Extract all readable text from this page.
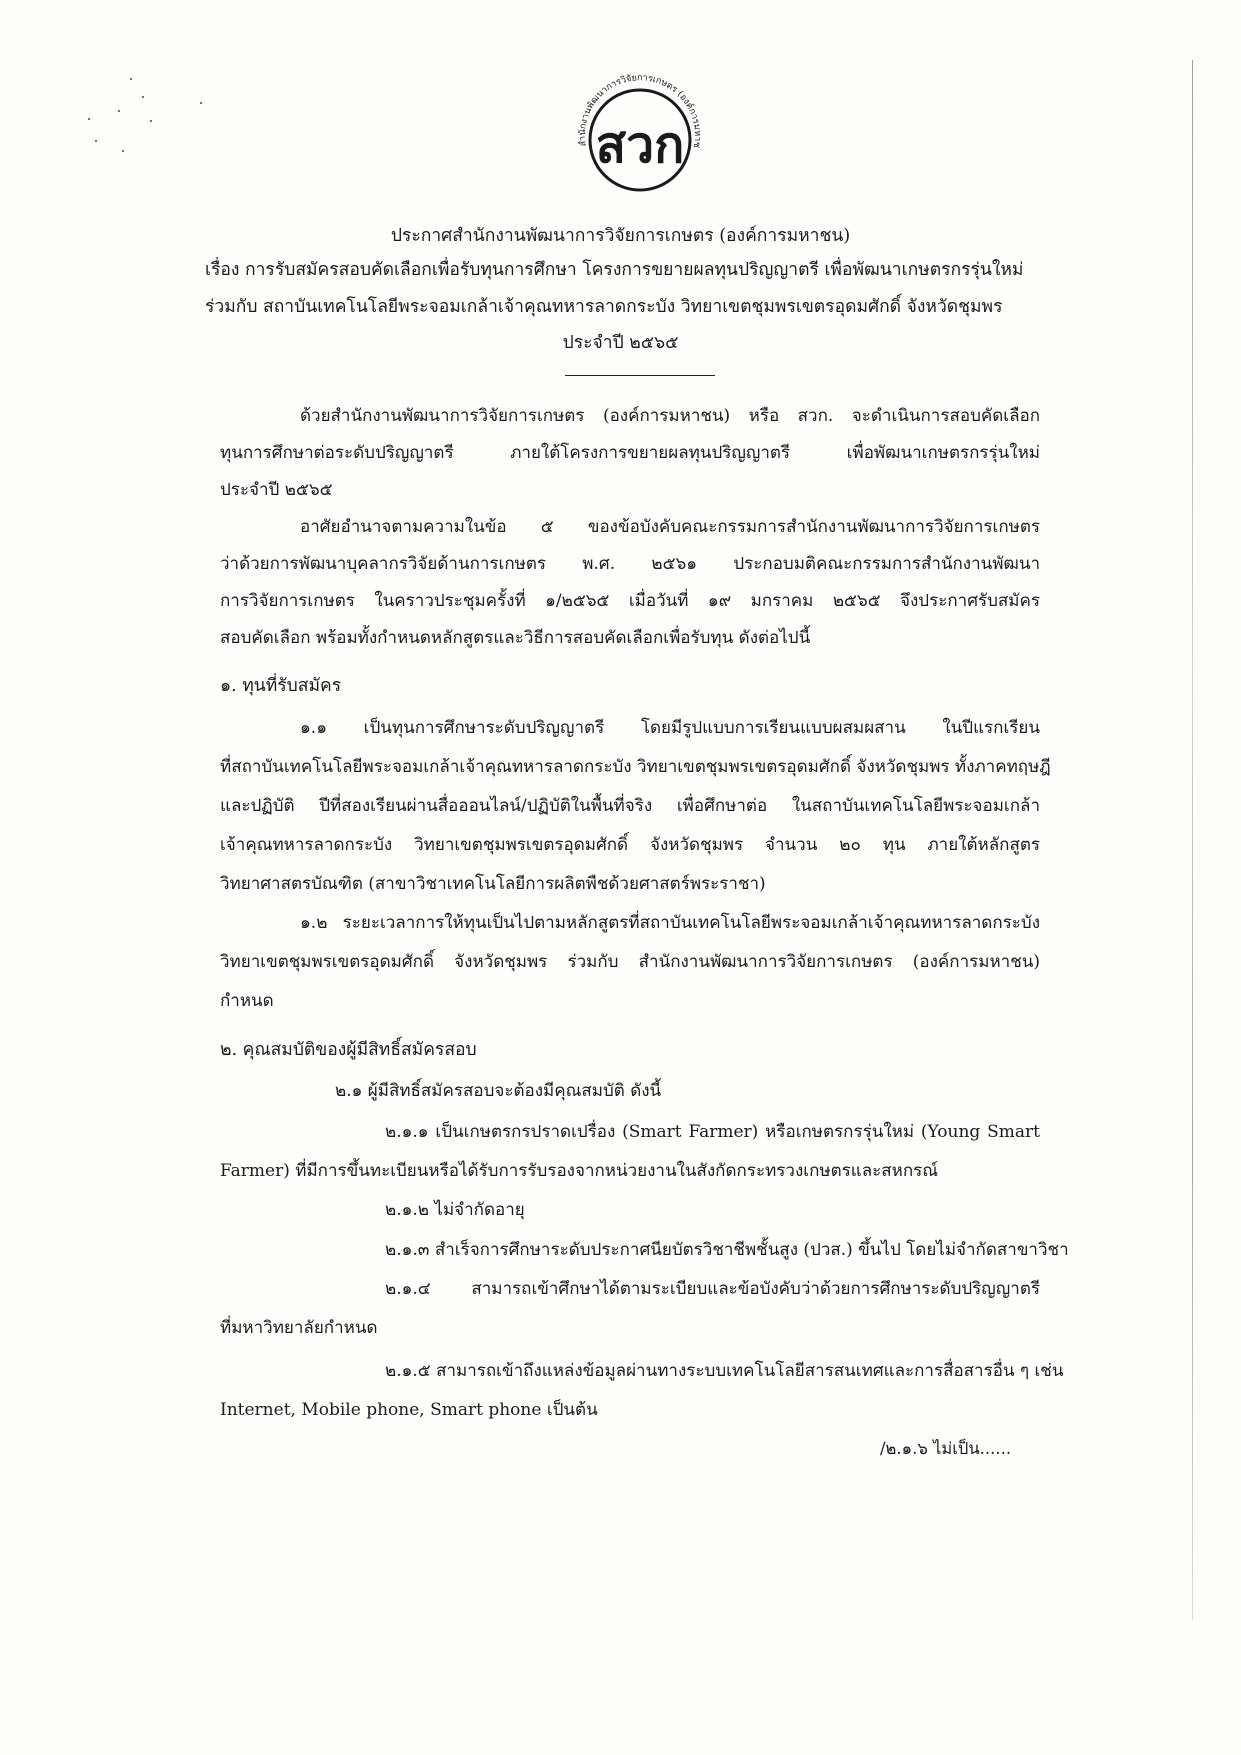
สำนักงานพัฒนาการวิจัยการเกษตร (องค์การมหาช
สวก
ประกาศสำนักงานพัฒนาการวิจัยการเกษตร (องค์การมหาชน)
เรื่อง การรับสมัครสอบคัดเลือกเพื่อรับทุนการศึกษา โครงการขยายผลทุนปริญญาตรี เพื่อพัฒนาเกษตรกรรุ่นใหม่
ร่วมกับ สถาบันเทคโนโลยีพระจอมเกล้าเจ้าคุณทหารลาดกระบัง วิทยาเขตชุมพรเขตรอุดมศักดิ์ จังหวัดชุมพร
ประจำปี ๒๕๖๕
ด้วยสำนักงานพัฒนาการวิจัยการเกษตร (องค์การมหาชน) หรือ สวก. จะดำเนินการสอบคัดเลือก
ทุนการศึกษาต่อระดับปริญญาตรี ภายใต้โครงการขยายผลทุนปริญญาตรี เพื่อพัฒนาเกษตรกรรุ่นใหม่
ประจำปี ๒๕๖๕
อาศัยอำนาจตามความในข้อ ๕ ของข้อบังคับคณะกรรมการสำนักงานพัฒนาการวิจัยการเกษตร
ว่าด้วยการพัฒนาบุคลากรวิจัยด้านการเกษตร พ.ศ. ๒๕๖๑ ประกอบมติคณะกรรมการสำนักงานพัฒนา
การวิจัยการเกษตร ในคราวประชุมครั้งที่ ๑/๒๕๖๕ เมื่อวันที่ ๑๙ มกราคม ๒๕๖๕ จึงประกาศรับสมัคร
สอบคัดเลือก พร้อมทั้งกำหนดหลักสูตรและวิธีการสอบคัดเลือกเพื่อรับทุน ดังต่อไปนี้
๑. ทุนที่รับสมัคร
๑.๑ เป็นทุนการศึกษาระดับปริญญาตรี โดยมีรูปแบบการเรียนแบบผสมผสาน ในปีแรกเรียน
ที่สถาบันเทคโนโลยีพระจอมเกล้าเจ้าคุณทหารลาดกระบัง วิทยาเขตชุมพรเขตรอุดมศักดิ์ จังหวัดชุมพร ทั้งภาคทฤษฎี
และปฏิบัติ ปีที่สองเรียนผ่านสื่อออนไลน์/ปฏิบัติในพื้นที่จริง เพื่อศึกษาต่อ ในสถาบันเทคโนโลยีพระจอมเกล้า
เจ้าคุณทหารลาดกระบัง วิทยาเขตชุมพรเขตรอุดมศักดิ์ จังหวัดชุมพร จำนวน ๒๐ ทุน ภายใต้หลักสูตร
วิทยาศาสตรบัณฑิต (สาขาวิชาเทคโนโลยีการผลิตพืชด้วยศาสตร์พระราชา)
๑.๒ ระยะเวลาการให้ทุนเป็นไปตามหลักสูตรที่สถาบันเทคโนโลยีพระจอมเกล้าเจ้าคุณทหารลาดกระบัง
วิทยาเขตชุมพรเขตรอุดมศักดิ์ จังหวัดชุมพร ร่วมกับ สำนักงานพัฒนาการวิจัยการเกษตร (องค์การมหาชน)
กำหนด
๒. คุณสมบัติของผู้มีสิทธิ์สมัครสอบ
๒.๑ ผู้มีสิทธิ์สมัครสอบจะต้องมีคุณสมบัติ ดังนี้
๒.๑.๑ เป็นเกษตรกรปราดเปรื่อง (Smart Farmer) หรือเกษตรกรรุ่นใหม่ (Young Smart
Farmer) ที่มีการขึ้นทะเบียนหรือได้รับการรับรองจากหน่วยงานในสังกัดกระทรวงเกษตรและสหกรณ์
๒.๑.๒ ไม่จำกัดอายุ
๒.๑.๓ สำเร็จการศึกษาระดับประกาศนียบัตรวิชาชีพชั้นสูง (ปวส.) ขึ้นไป โดยไม่จำกัดสาขาวิชา
๒.๑.๔ สามารถเข้าศึกษาได้ตามระเบียบและข้อบังคับว่าด้วยการศึกษาระดับปริญญาตรี
ที่มหาวิทยาลัยกำหนด
๒.๑.๕ สามารถเข้าถึงแหล่งข้อมูลผ่านทางระบบเทคโนโลยีสารสนเทศและการสื่อสารอื่น ๆ เช่น
Internet, Mobile phone, Smart phone เป็นต้น
/๒.๑.๖ ไม่เป็น......
